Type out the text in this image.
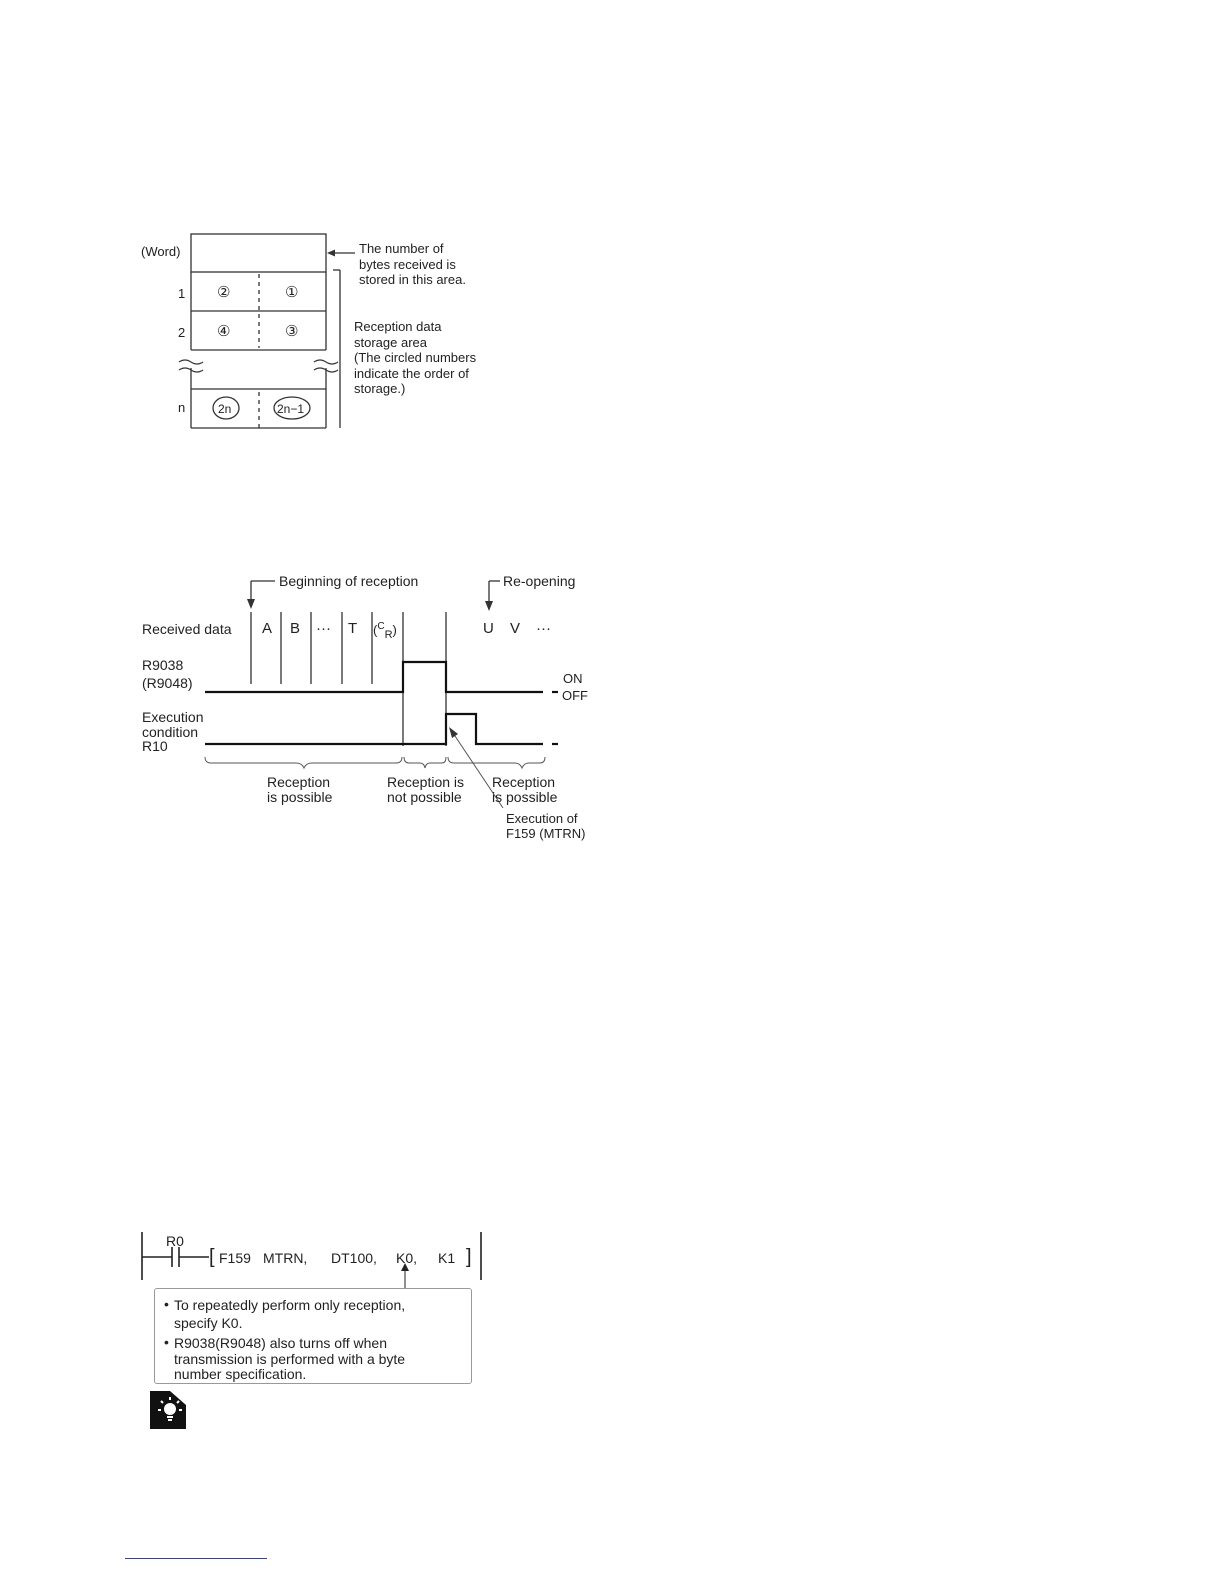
(Word)
1 ②	①
2 ④	③
n	2n	2n−1
The number of
bytes received is
stored in this area.
Reception data
storage area
(The circled numbers
indicate the order of
storage.)
Beginning of reception	Re-opening
Received data A B ··· T ($^C_R$)	U V ···
R9038
(R9048)	ON
OFF
Execution
condition
R10
Reception
is possible
Reception is
not possible
Reception
is possible
Execution of
F159 (MTRN)
R0
[ F159 MTRN, DT100, K0, K1 ]
• To repeatedly perform only reception,
specify K0.
• R9038(R9048) also turns off when
transmission is performed with a byte
number specification.
